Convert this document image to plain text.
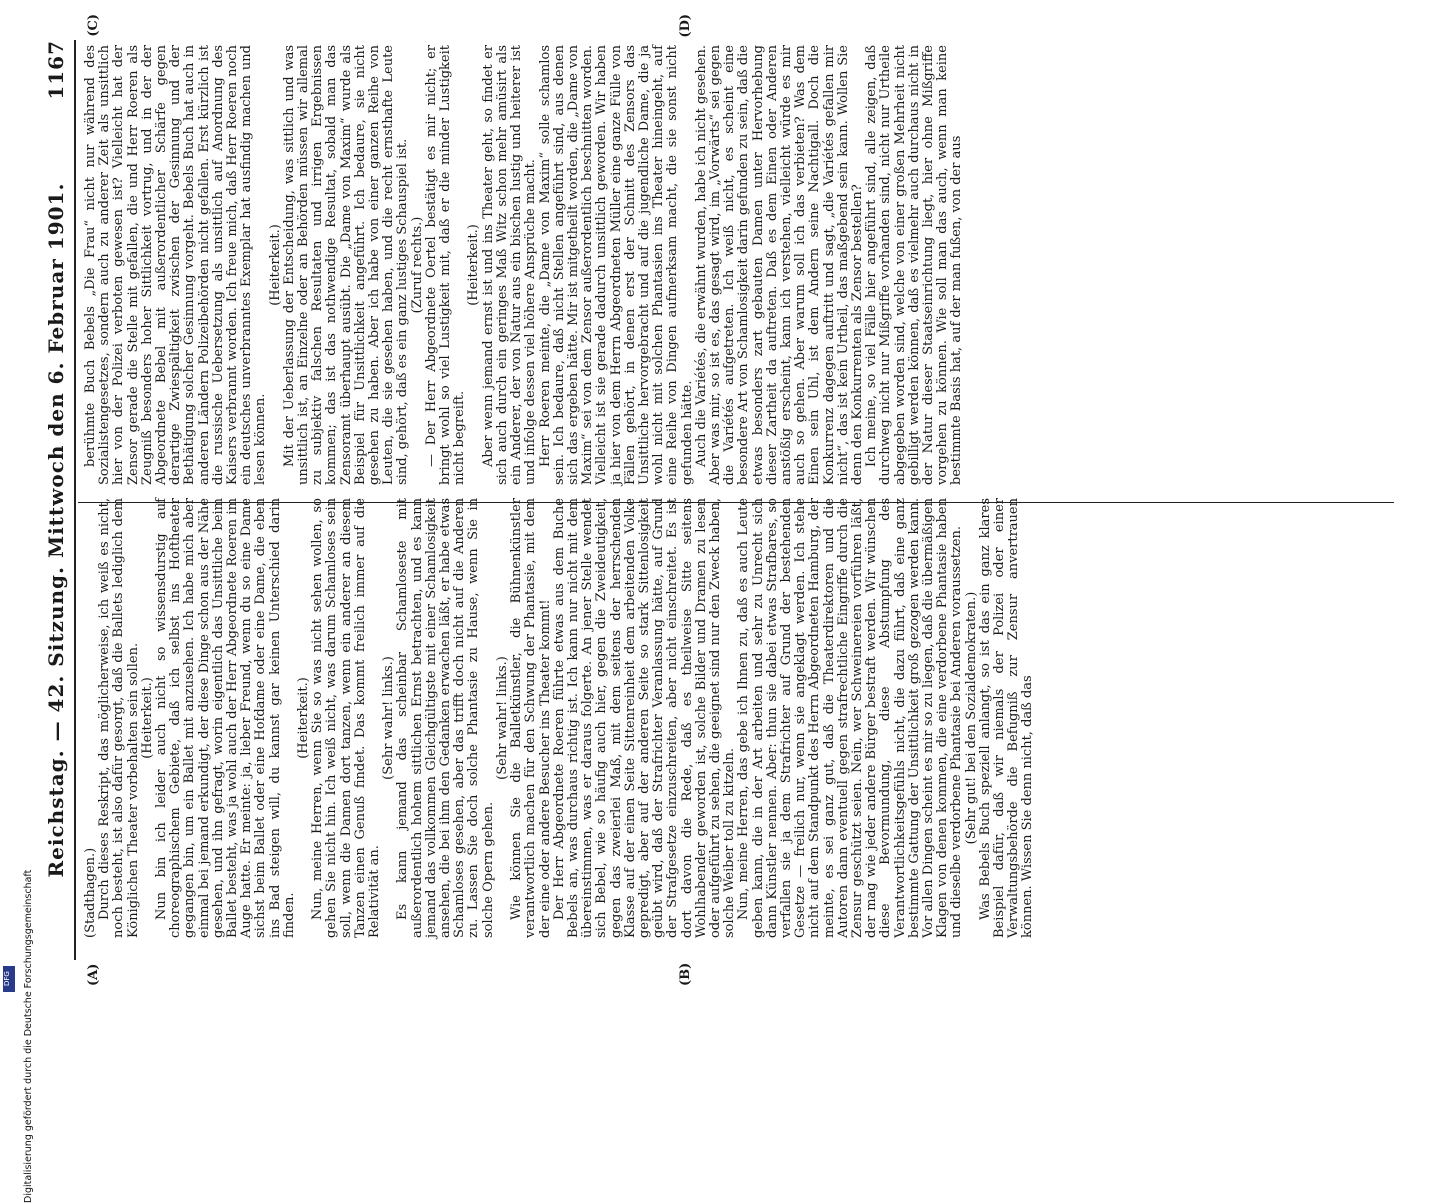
Reichstag. — 42. Sitzung. Mittwoch den 6. Februar 1901.
1167
(A)	(B)
(C)	(D)

(Stadthagen.) Durch dieses Reskript, das möglicherweise, ich weiß es nicht, noch besteht, ist also dafür gesorgt, daß die Ballets lediglich dem Königlichen Theater vorbehalten sein sollen. (Heiterkeit.) Nun bin ich leider auch nicht so wissensdurstig auf choreographischem Gebiete, daß ich selbst ins Hoftheater gegangen bin, um ein Ballet mit anzusehen. Ich habe mich aber einmal bei jemand erkundigt, der diese Dinge schon aus der Nähe gesehen, und ihn gefragt, worin eigentlich das Unsittliche beim Ballet besteht, was ja wohl auch der Herr Abgeordnete Roeren im Auge hatte. Er meinte: ja, lieber Freund, wenn du so eine Dame sichst beim Ballet oder eine Hofdame oder eine Dame, die eben ins Bad steigen will, du kannst gar keinen Unterschied darin finden.

(Heiterkeit.) Nun, meine Herren, wenn Sie so was nicht sehen wollen, so gehen Sie nicht hin. Ich weiß nicht, was darum Schamloses sein soll, wenn die Damen dort tanzen, wenn ein anderer an diesem Tanzen einen Genuß findet. Das kommt freilich immer auf die Relativität an.

(Sehr wahr! links.) Es kann jemand das scheinbar Schamloseste mit außerordentlich hohem sittlichen Ernst betrachten, und es kann jemand das vollkommen Gleichgültigste mit einer Schamlosigkeit ansehen, die bei ihm den Gedanken erwachen läßt, er habe etwas Schamloses gesehen, aber das trifft doch nicht auf die Anderen zu. Lassen Sie doch solche Phantasie zu Hause, wenn Sie in solche Opern gehen.

(Sehr wahr! links.) Wie können Sie die Balletkünstler, die Bühnenkünstler verantwortlich machen für den Schwung der Phantasie, mit dem der eine oder andere Besucher ins Theater kommt! Der Herr Abgeordnete Roeren führte etwas aus dem Buche Bebels an, was durchaus richtig ist. Ich kann nur nicht mit dem übereinstimmen, was er daraus folgerte. An jener Stelle wendet sich Bebel, wie so häufig auch hier, gegen die Zweideutigkeit, gegen das zweierlei Maß, mit dem seitens der herrschenden Klasse auf der einen Seite Sittenreinheit dem arbeitenden Volke gepredigt, aber auf der anderen Seite so stark Sittenlosigkeit geübt wird, daß der Strafrichter Veranlassung hätte, auf Grund der Strafgesetze einzuschreiten, aber nicht einschreitet. Es ist dort davon die Rede, daß es theilweise Sitte seitens Wohlhabender geworden ist, solche Bilder und Dramen zu lesen oder aufgeführt zu sehen, die geeignet sind nur den Zweck haben, solche Weiber toll zu kitzeln. Nun, meine Herren, das gebe ich Ihnen zu, daß es auch Leute geben kann, die in der Art arbeiten und sehr zu Unrecht sich dann Künstler nennen. Aber: thun sie dabei etwas Strafbares, so verfallen sie ja dem Strafrichter auf Grund der bestehenden Gesetze — freilich nur, wenn sie angeklagt werden. Ich stehe nicht auf dem Standpunkt des Herrn Abgeordneten Hamburg, der meinte, es sei ganz gut, daß die Theaterdirektoren und die Autoren dann eventuell gegen strafrechtliche Eingriffe durch die Zensur geschützt seien. Nein, wer Schweinereien vorführen läßt, der mag wie jeder andere Bürger bestraft werden. Wir wünschen diese Bevormundung, diese Abstumpfung des Verantwortlichkeitsgefühls nicht, die dazu führt, daß eine ganz bestimmte Gattung der Unsittlichkeit groß gezogen werden kann. Vor allen Dingen scheint es mir so zu liegen, daß die übermäßigen Klagen von denen kommen, die eine verdorbene Phantasie haben und dieselbe verdorbene Phantasie bei Anderen voraussetzen. (Sehr gut! bei den Sozialdemokraten.) Was Bebels Buch speziell anlangt, so ist das ein ganz klares Beispiel dafür, daß wir niemals der Polizei oder einer Verwaltungsbehörde die Befugniß zur Zensur anvertrauen können. Wissen Sie denn nicht, daß das

berühmte Buch Bebels „Die Frau“ nicht nur während des Sozialistengesetzes, sondern auch zu anderer Zeit als unsittlich hier von der Polizei verboten gewesen ist? Vielleicht hat der Zensor gerade die Stelle mit gefallen, die und Herr Roeren als Zeugniß besonders hoher Sittlichkeit vortrug, und in der der Abgeordnete Bebel mit außerordentlicher Schärfe gegen derartige Zwiespältigkeit zwischen der Gesinnung und der Bethätigung solcher Gesinnung vorgeht. Bebels Buch hat auch in anderen Ländern Polizeibehörden nicht gefallen. Erst kürzlich ist die russische Uebersetzung als unsittlich auf Anordnung des Kaisers verbrannt worden. Ich freue mich, daß Herr Roeren noch ein deutsches unverbranntes Exemplar hat ausfindig machen und lesen können.

(Heiterkeit.) Mit der Ueberlassung der Entscheidung, was sittlich und was unsittlich ist, an Einzelne oder an Behörden müssen wir allemal zu subjektiv falschen Resultaten und irrigen Ergebnissen kommen; das ist das nothwendige Resultat, sobald man das Zensoramt überhaupt ausübt. Die „Dame von Maxim“ wurde als Beispiel für Unsittlichkeit angeführt. Ich bedaure, sie nicht gesehen zu haben. Aber ich habe von einer ganzen Reihe von Leuten, die sie gesehen haben, und die recht ernsthafte Leute sind, gehört, daß es ein ganz lustiges Schauspiel ist. (Zuruf rechts.) — Der Herr Abgeordnete Oertel bestätigt es mir nicht; er bringt wohl so viel Lustigkeit mit, daß er die minder Lustigkeit nicht begreift.

(Heiterkeit.) Aber wenn jemand ernst ist und ins Theater geht, so findet er sich auch durch ein geringes Maß Witz schon mehr amüsirt als ein Anderer, der von Natur aus ein bischen lustig und heiterer ist und infolge dessen viel höhere Ansprüche macht. Herr Roeren meinte, die „Dame von Maxim“ solle schamlos sein. Ich bedaure, daß nicht Stellen angeführt sind, aus denen sich das ergeben hätte. Mir ist mitgetheilt worden, die „Dame von Maxim“ sei von dem Zensor außerordentlich beschnitten worden. Vielleicht ist sie gerade dadurch unsittlich geworden. Wir haben ja hier von dem Herrn Abgeordneten Müller eine ganze Fülle von Fällen gehört, in denen erst der Schnitt des Zensors das Unsittliche hervorgebracht und auf die jugendliche Dame, die ja wohl nicht mit solchen Phantasien ins Theater hineingeht, auf eine Reihe von Dingen aufmerksam macht, die sie sonst nicht gefunden hätte. Auch die Variétés, die erwähnt wurden, habe ich nicht gesehen. Aber was mir, so ist es, das gesagt wird, im „Vorwärts“ sei gegen die Variétés aufgetreten. Ich weiß nicht, es scheint eine besondere Art von Schamlosigkeit darin gefunden zu sein, daß die etwas besonders zart gebauten Damen unter Hervorhebung dieser Zartheit da auftreten. Daß es dem Einen oder Anderen anstößig erscheint, kann ich verstehen, vielleicht würde es mir auch so gehen. Aber warum soll ich das verbieten? Was dem Einen sein Uhl, ist dem Andern seine Nachtigall. Doch die Konkurrenz dagegen auftritt und sagt, „die Variétés gefallen mir nicht“, das ist kein Urtheil, das maßgebend sein kann. Wollen Sie denn den Konkurrenten als Zensor bestellen? Ich meine, so viel Fälle hier angeführt sind, alle zeigen, daß durchweg nicht nur Mißgriffe vorhanden sind, nicht nur Urtheile abgegeben worden sind, welche von einer großen Mehrheit nicht gebilligt werden können, daß es vielmehr auch durchaus nicht in der Natur dieser Staatseinrichtung liegt, hier ohne Mißgriffe vorgehen zu können. Wie soll man das auch, wenn man keine bestimmte Basis hat, auf der man fußen, von der aus

Digitalisierung gefördert durch die Deutsche Forschungsgemeinschaft
DFG
